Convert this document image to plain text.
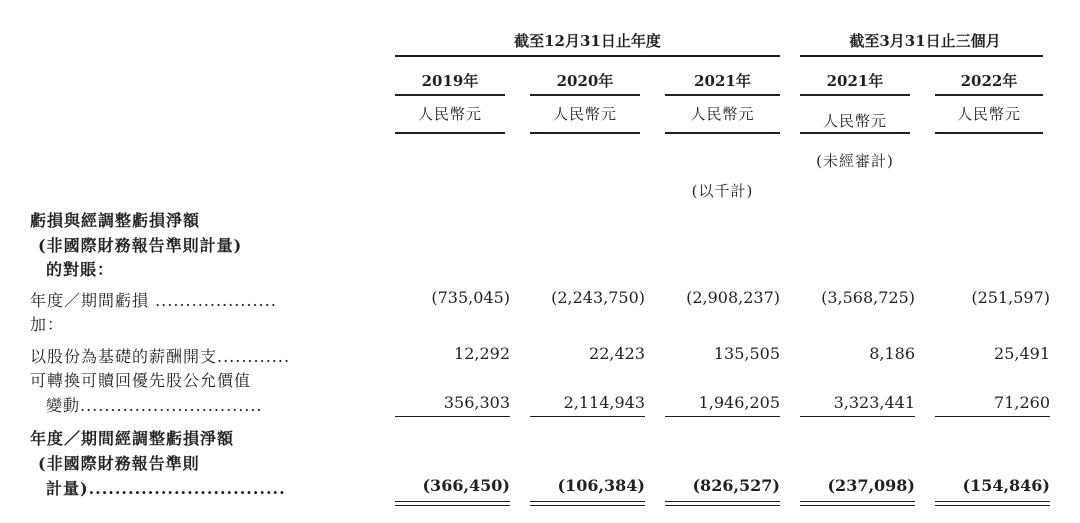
截至12月31日止年度	截至3月31日止三個月
2019年	2020年	2021年	2021年	2022年
人民幣元	人民幣元	人民幣元	人民幣元	人民幣元
(未經審計)
(以千計)
虧損與經調整虧損淨額
(非國際財務報告準則計量)
的對賬：
年度／期間虧損 ....................	(735,045)	(2,243,750)	(2,908,237)	(3,568,725)	(251,597)
加：
以股份為基礎的薪酬開支............	12,292	22,423	135,505	8,186	25,491
可轉換可贖回優先股公允價值
變動..............................	356,303	2,114,943	1,946,205	3,323,441	71,260
年度／期間經調整虧損淨額
(非國際財務報告準則
計量)..............................	(366,450)	(106,384)	(826,527)	(237,098)	(154,846)
